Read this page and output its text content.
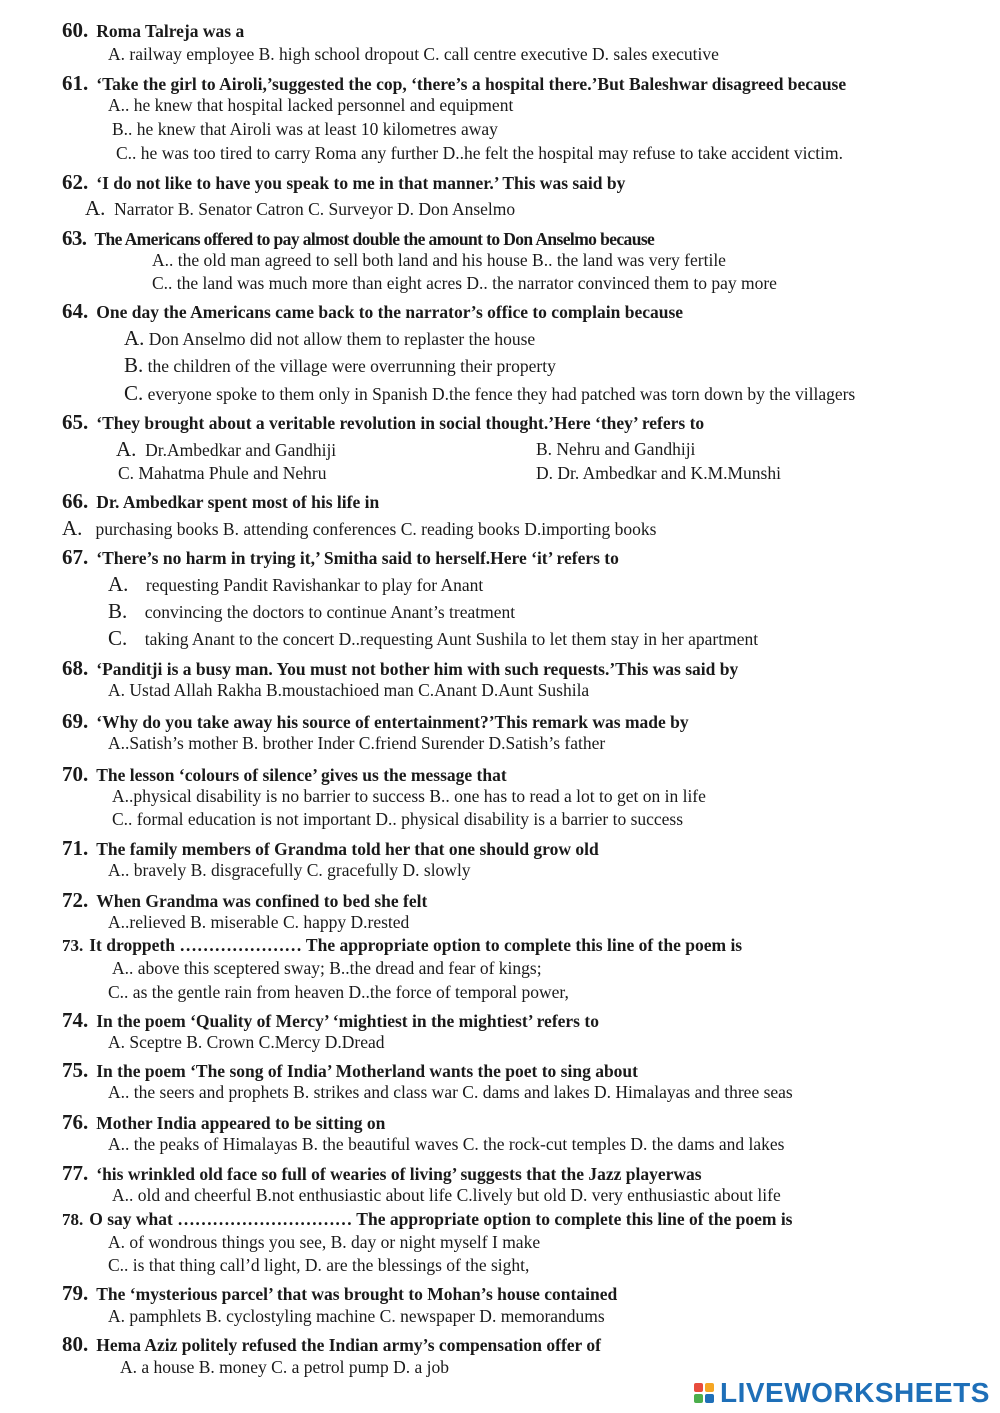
60. Roma Talreja was a
A. railway employee B. high school dropout C. call centre executive D. sales executive
61. ‘Take the girl to Airoli,’suggested the cop, ‘there’s a hospital there.’But Baleshwar disagreed because
A.. he knew that hospital lacked personnel and equipment
B.. he knew that Airoli was at least 10 kilometres away
C.. he was too tired to carry Roma any further D..he felt the hospital may refuse to take accident victim.
62. ‘I do not like to have you speak to me in that manner.’ This was said by
A. Narrator B. Senator Catron C. Surveyor D. Don Anselmo
63. The Americans offered to pay almost double the amount to Don Anselmo because
A.. the old man agreed to sell both land and his house B.. the land was very fertile
C.. the land was much more than eight acres D.. the narrator convinced them to pay more
64. One day the Americans came back to the narrator’s office to complain because
A. Don Anselmo did not allow them to replaster the house
B. the children of the village were overrunning their property
C. everyone spoke to them only in Spanish D.the fence they had patched was torn down by the villagers
65. ‘They brought about a veritable revolution in social thought.’Here ‘they’ refers to
A. Dr.Ambedkar and Gandhiji	B. Nehru and Gandhiji
C. Mahatma Phule and Nehru	D. Dr. Ambedkar and K.M.Munshi
66. Dr. Ambedkar spent most of his life in
A. purchasing books B. attending conferences C. reading books D.importing books
67. ‘There’s no harm in trying it,’ Smitha said to herself.Here ‘it’ refers to
A. requesting Pandit Ravishankar to play for Anant
B. convincing the doctors to continue Anant’s treatment
C. taking Anant to the concert D..requesting Aunt Sushila to let them stay in her apartment
68. ‘Panditji is a busy man. You must not bother him with such requests.’This was said by
A. Ustad Allah Rakha B.moustachioed man C.Anant D.Aunt Sushila
69. ‘Why do you take away his source of entertainment?’This remark was made by
A..Satish’s mother B. brother Inder C.friend Surender D.Satish’s father
70. The lesson ‘colours of silence’ gives us the message that
A..physical disability is no barrier to success B.. one has to read a lot to get on in life
C.. formal education is not important D.. physical disability is a barrier to success
71. The family members of Grandma told her that one should grow old
A.. bravely B. disgracefully C. gracefully D. slowly
72. When Grandma was confined to bed she felt
A..relieved B. miserable C. happy D.rested
73. It droppeth ………………… The appropriate option to complete this line of the poem is
A.. above this sceptered sway; B..the dread and fear of kings;
C.. as the gentle rain from heaven D..the force of temporal power,
74. In the poem ‘Quality of Mercy’ ‘mightiest in the mightiest’ refers to
A. Sceptre B. Crown C.Mercy D.Dread
75. In the poem ‘The song of India’ Motherland wants the poet to sing about
A.. the seers and prophets B. strikes and class war C. dams and lakes D. Himalayas and three seas
76. Mother India appeared to be sitting on
A.. the peaks of Himalayas B. the beautiful waves C. the rock-cut temples D. the dams and lakes
77. ‘his wrinkled old face so full of wearies of living’ suggests that the Jazz playerwas
A.. old and cheerful B.not enthusiastic about life C.lively but old D. very enthusiastic about life
78. O say what ………………………… The appropriate option to complete this line of the poem is
A. of wondrous things you see, B. day or night myself I make
C.. is that thing call’d light, D. are the blessings of the sight,
79. The ‘mysterious parcel’ that was brought to Mohan’s house contained
A. pamphlets B. cyclostyling machine C. newspaper D. memorandums
80. Hema Aziz politely refused the Indian army’s compensation offer of
A. a house B. money C. a petrol pump D. a job
LIVEWORKSHEETS
